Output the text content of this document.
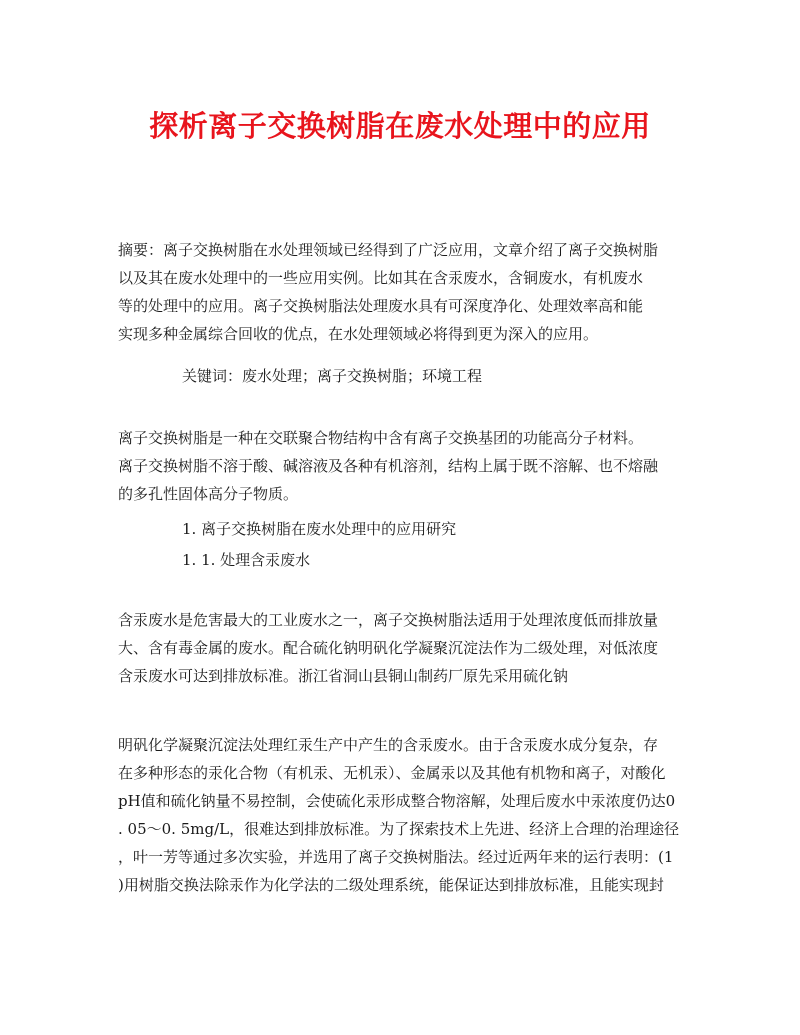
探析离子交换树脂在废水处理中的应用
摘要：离子交换树脂在水处理领域已经得到了广泛应用，文章介绍了离子交换树脂
以及其在废水处理中的一些应用实例。比如其在含汞废水，含铜废水，有机废水
等的处理中的应用。离子交换树脂法处理废水具有可深度净化、处理效率高和能
实现多种金属综合回收的优点，在水处理领域必将得到更为深入的应用。

关键词：废水处理；离子交换树脂；环境工程

离子交换树脂是一种在交联聚合物结构中含有离子交换基团的功能高分子材料。
离子交换树脂不溶于酸、碱溶液及各种有机溶剂，结构上属于既不溶解、也不熔融
的多孔性固体高分子物质。

1. 离子交换树脂在废水处理中的应用研究

1. 1. 处理含汞废水

含汞废水是危害最大的工业废水之一，离子交换树脂法适用于处理浓度低而排放量
大、含有毒金属的废水。配合硫化钠明矾化学凝聚沉淀法作为二级处理，对低浓度
含汞废水可达到排放标准。浙江省洞山县铜山制药厂原先采用硫化钠
明矾化学凝聚沉淀法处理红汞生产中产生的含汞废水。由于含汞废水成分复杂，存
在多种形态的汞化合物（有机汞、无机汞）、金属汞以及其他有机物和离子，对酸化
pH值和硫化钠量不易控制，会使硫化汞形成整合物溶解，处理后废水中汞浓度仍达0
. 05～0. 5mg/L，很难达到排放标准。为了探索技术上先进、经济上合理的治理途径
，叶一芳等通过多次实验，并选用了离子交换树脂法。经过近两年来的运行表明：(1
)用树脂交换法除汞作为化学法的二级处理系统，能保证达到排放标准，且能实现封
